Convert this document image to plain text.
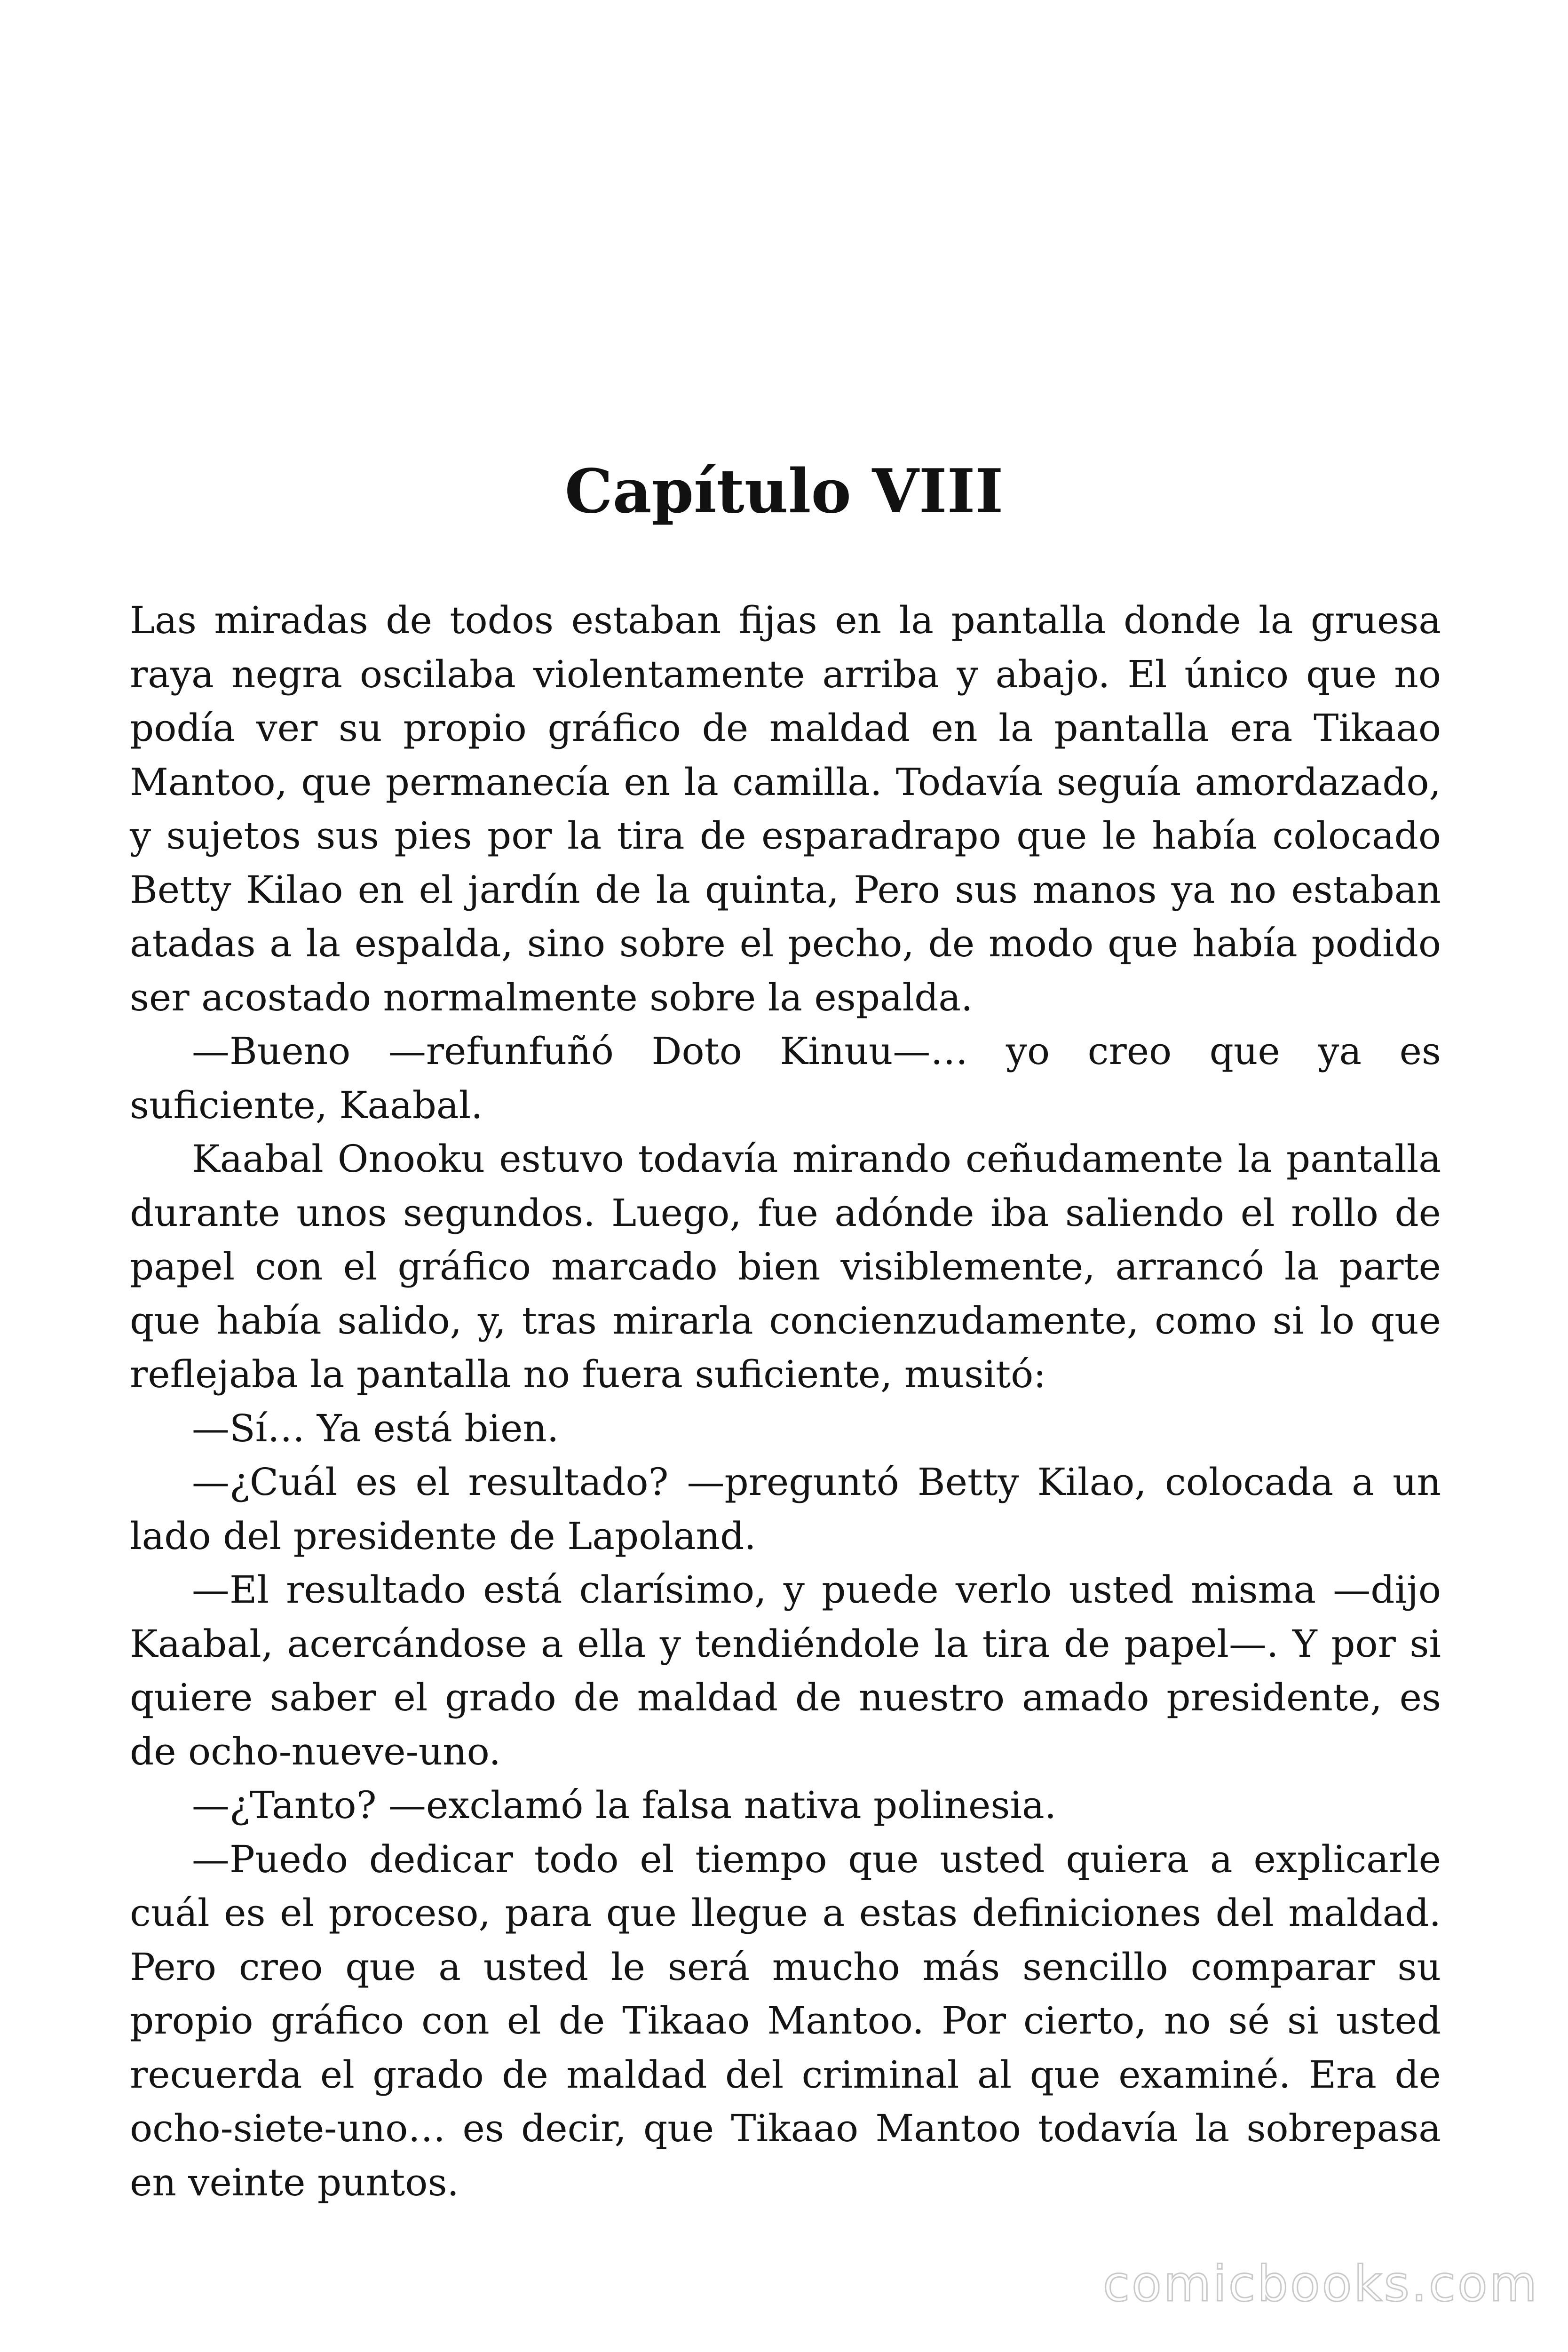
Capítulo VIII

Las miradas de todos estaban fijas en la pantalla donde la gruesa raya negra oscilaba violentamente arriba y abajo. El único que no podía ver su propio gráfico de maldad en la pantalla era Tikaao Mantoo, que permanecía en la camilla. Todavía seguía amordazado, y sujetos sus pies por la tira de esparadrapo que le había colocado Betty Kilao en el jardín de la quinta, Pero sus manos ya no estaban atadas a la espalda, sino sobre el pecho, de modo que había podido ser acostado normalmente sobre la espalda.

—Bueno —refunfuñó Doto Kinuu—… yo creo que ya es suficiente, Kaabal.

Kaabal Onooku estuvo todavía mirando ceñudamente la pantalla durante unos segundos. Luego, fue adónde iba saliendo el rollo de papel con el gráfico marcado bien visiblemente, arrancó la parte que había salido, y, tras mirarla concienzudamente, como si lo que reflejaba la pantalla no fuera suficiente, musitó:

—Sí… Ya está bien.

—¿Cuál es el resultado? —preguntó Betty Kilao, colocada a un lado del presidente de Lapoland.

—El resultado está clarísimo, y puede verlo usted misma —dijo Kaabal, acercándose a ella y tendiéndole la tira de papel—. Y por si quiere saber el grado de maldad de nuestro amado presidente, es de ocho-nueve-uno.

—¿Tanto? —exclamó la falsa nativa polinesia.

—Puedo dedicar todo el tiempo que usted quiera a explicarle cuál es el proceso, para que llegue a estas definiciones del maldad. Pero creo que a usted le será mucho más sencillo comparar su propio gráfico con el de Tikaao Mantoo. Por cierto, no sé si usted recuerda el grado de maldad del criminal al que examiné. Era de ocho-siete-uno… es decir, que Tikaao Mantoo todavía la sobrepasa en veinte puntos.

comicbooks.com
